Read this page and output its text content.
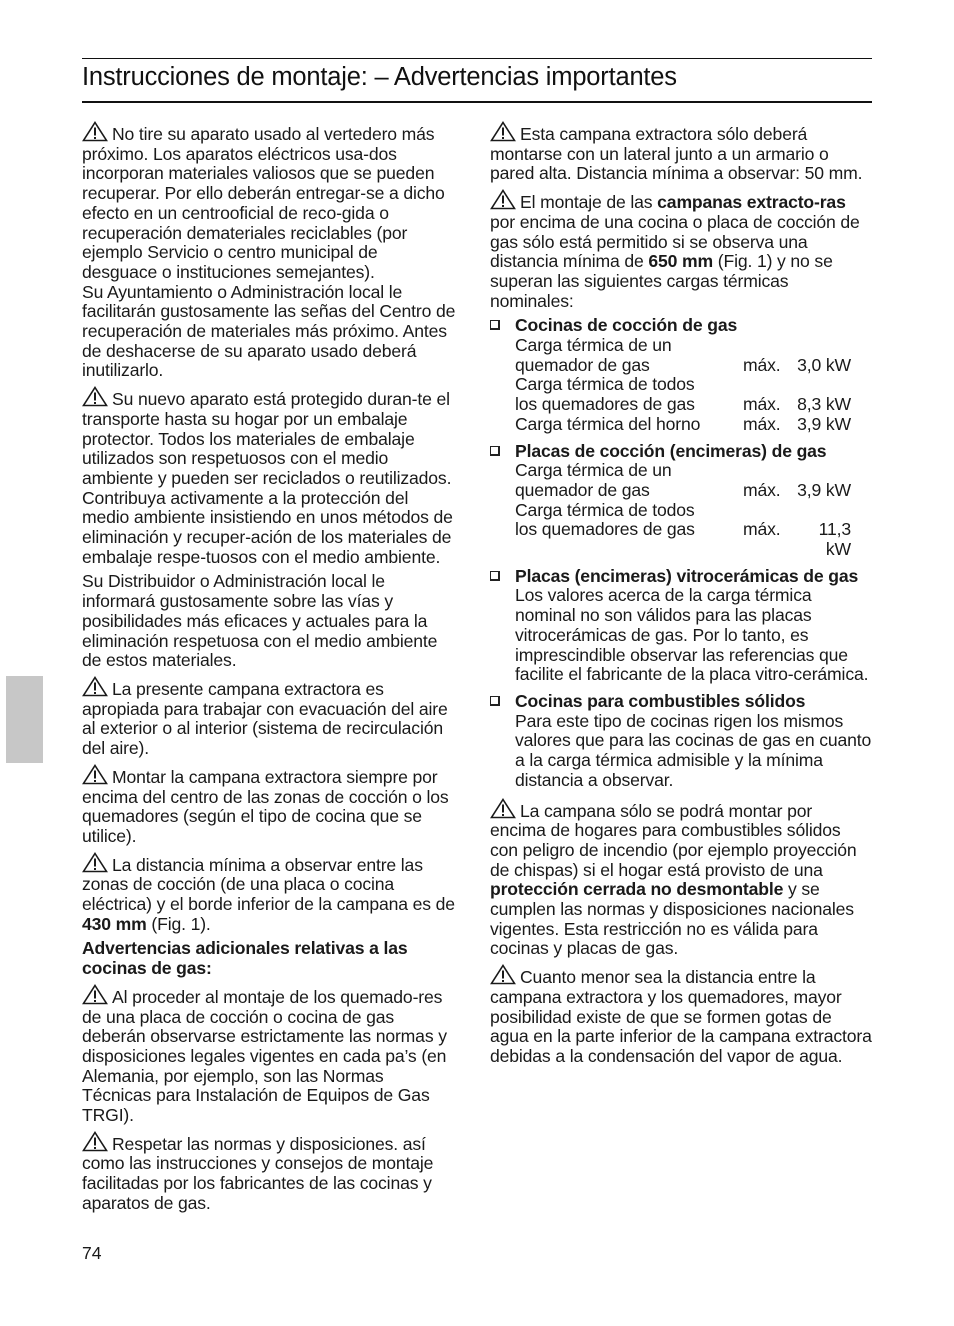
Instrucciones de montaje: – Advertencias importantes

No tire su aparato usado al vertedero más próximo. Los aparatos eléctricos usa-dos incorporan materiales valiosos que se pueden recuperar. Por ello deberán entregar-se a dicho efecto en un centrooficial de reco-gida o recuperación demateriales reciclables (por ejemplo Servicio o centro municipal de desguace o instituciones semejantes).
Su Ayuntamiento o Administración local le facilitarán gustosamente las señas del Centro de recuperación de materiales más próximo. Antes de deshacerse de su aparato usado deberá inutilizarlo.

Su nuevo aparato está protegido duran-te el transporte hasta su hogar por un embalaje protector. Todos los materiales de embalaje utilizados son respetuosos con el medio ambiente y pueden ser reciclados o reutilizados. Contribuya activamente a la protección del medio ambiente insistiendo en unos métodos de eliminación y recuper-ación de los materiales de embalaje respe-tuosos con el medio ambiente.

Su Distribuidor o Administración local le informará gustosamente sobre las vías y posibilidades más eficaces y actuales para la eliminación respetuosa con el medio ambiente de estos materiales.

La presente campana extractora es apropiada para trabajar con evacuación del aire al exterior o al interior (sistema de recirculación del aire).

Montar la campana extractora siempre por encima del centro de las zonas de cocción o los quemadores (según el tipo de cocina que se utilice).

La distancia mínima a observar entre las zonas de cocción (de una placa o cocina eléctrica) y el borde inferior de la campana es de 430 mm (Fig. 1).

Advertencias adicionales relativas a las cocinas de gas:

Al proceder al montaje de los quemado-res de una placa de cocción o cocina de gas deberán observarse estrictamente las normas y disposiciones legales vigentes en cada pa’s (en Alemania, por ejemplo, son las Normas Técnicas para Instalación de Equipos de Gas TRGI).

Respetar las normas y disposiciones. así como las instrucciones y consejos de montaje facilitadas por los fabricantes de las cocinas y aparatos de gas.

Esta campana extractora sólo deberá montarse con un lateral junto a un armario o pared alta. Distancia mínima a observar: 50 mm.

El montaje de las campanas extracto-ras por encima de una cocina o placa de cocción de gas sólo está permitido si se observa una distancia mínima de 650 mm (Fig. 1) y no se superan las siguientes cargas térmicas nominales:

Cocinas de cocción de gas
Carga térmica de un
quemador de gas	máx. 3,0 kW
Carga térmica de todos
los quemadores de gas	máx. 8,3 kW
Carga térmica del horno	máx. 3,9 kW
Placas de cocción (encimeras) de gas
Carga térmica de un
quemador de gas	máx. 3,9 kW
Carga térmica de todos
los quemadores de gas	máx.	11,3 kW
Placas (encimeras) vitrocerámicas de gas
Los valores acerca de la carga térmica nominal no son válidos para las placas vitrocerámicas de gas. Por lo tanto, es imprescindible observar las referencias que facilite el fabricante de la placa vitro-cerámica.
Cocinas para combustibles sólidos
Para este tipo de cocinas rigen los mismos valores que para las cocinas de gas en cuanto a la carga térmica admisible y la mínima distancia a observar.

La campana sólo se podrá montar por encima de hogares para combustibles sólidos con peligro de incendio (por ejemplo proyección de chispas) si el hogar está provisto de una protección cerrada no desmontable y se cumplen las normas y disposiciones nacionales vigentes. Esta restricción no es válida para cocinas y placas de gas.

Cuanto menor sea la distancia entre la campana extractora y los quemadores, mayor posibilidad existe de que se formen gotas de agua en la parte inferior de la campana extractora debidas a la condensación del vapor de agua.

74
